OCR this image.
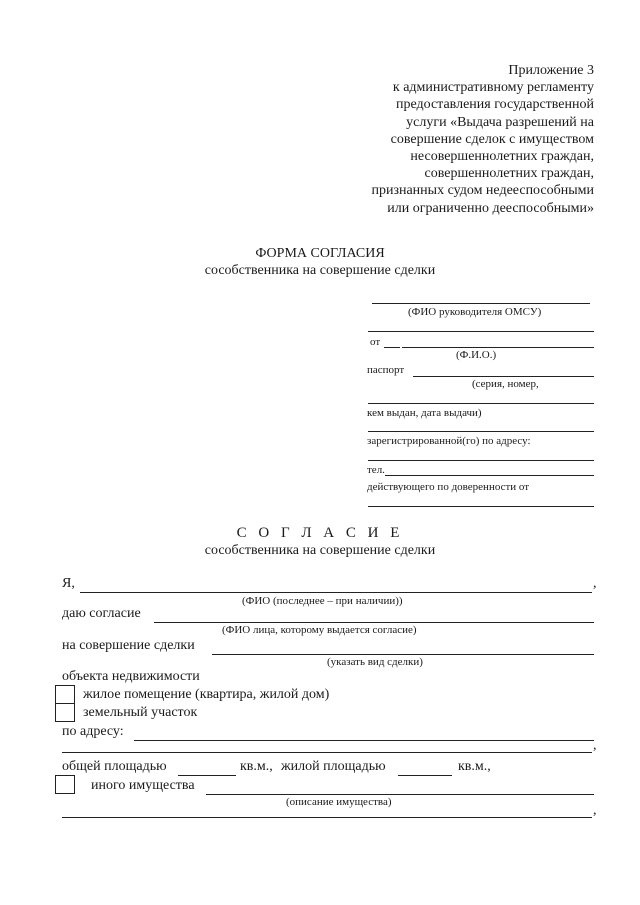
Приложение 3
к административному регламенту
предоставления государственной
услуги «Выдача разрешений на
совершение сделок с имуществом
несовершеннолетних граждан,
совершеннолетних граждан,
признанных судом недееспособными
или ограниченно дееспособными»
ФОРМА СОГЛАСИЯ
сособственника на совершение сделки
(ФИО руководителя ОМСУ)
от
(Ф.И.О.)
паспорт
(серия, номер,
кем выдан, дата выдачи)
зарегистрированной(го) по адресу:
тел.
действующего по доверенности от
С О Г Л А С И Е
сособственника на совершение сделки
Я,	,
(ФИО (последнее – при наличии))
даю согласие
(ФИО лица, которому выдается согласие)
на совершение сделки
(указать вид сделки)
объекта недвижимости
жилое помещение (квартира, жилой дом)
земельный участок
по адресу:
,
общей площадью	кв.м., жилой площадью	кв.м.,
иного имущества
(описание имущества)
,
